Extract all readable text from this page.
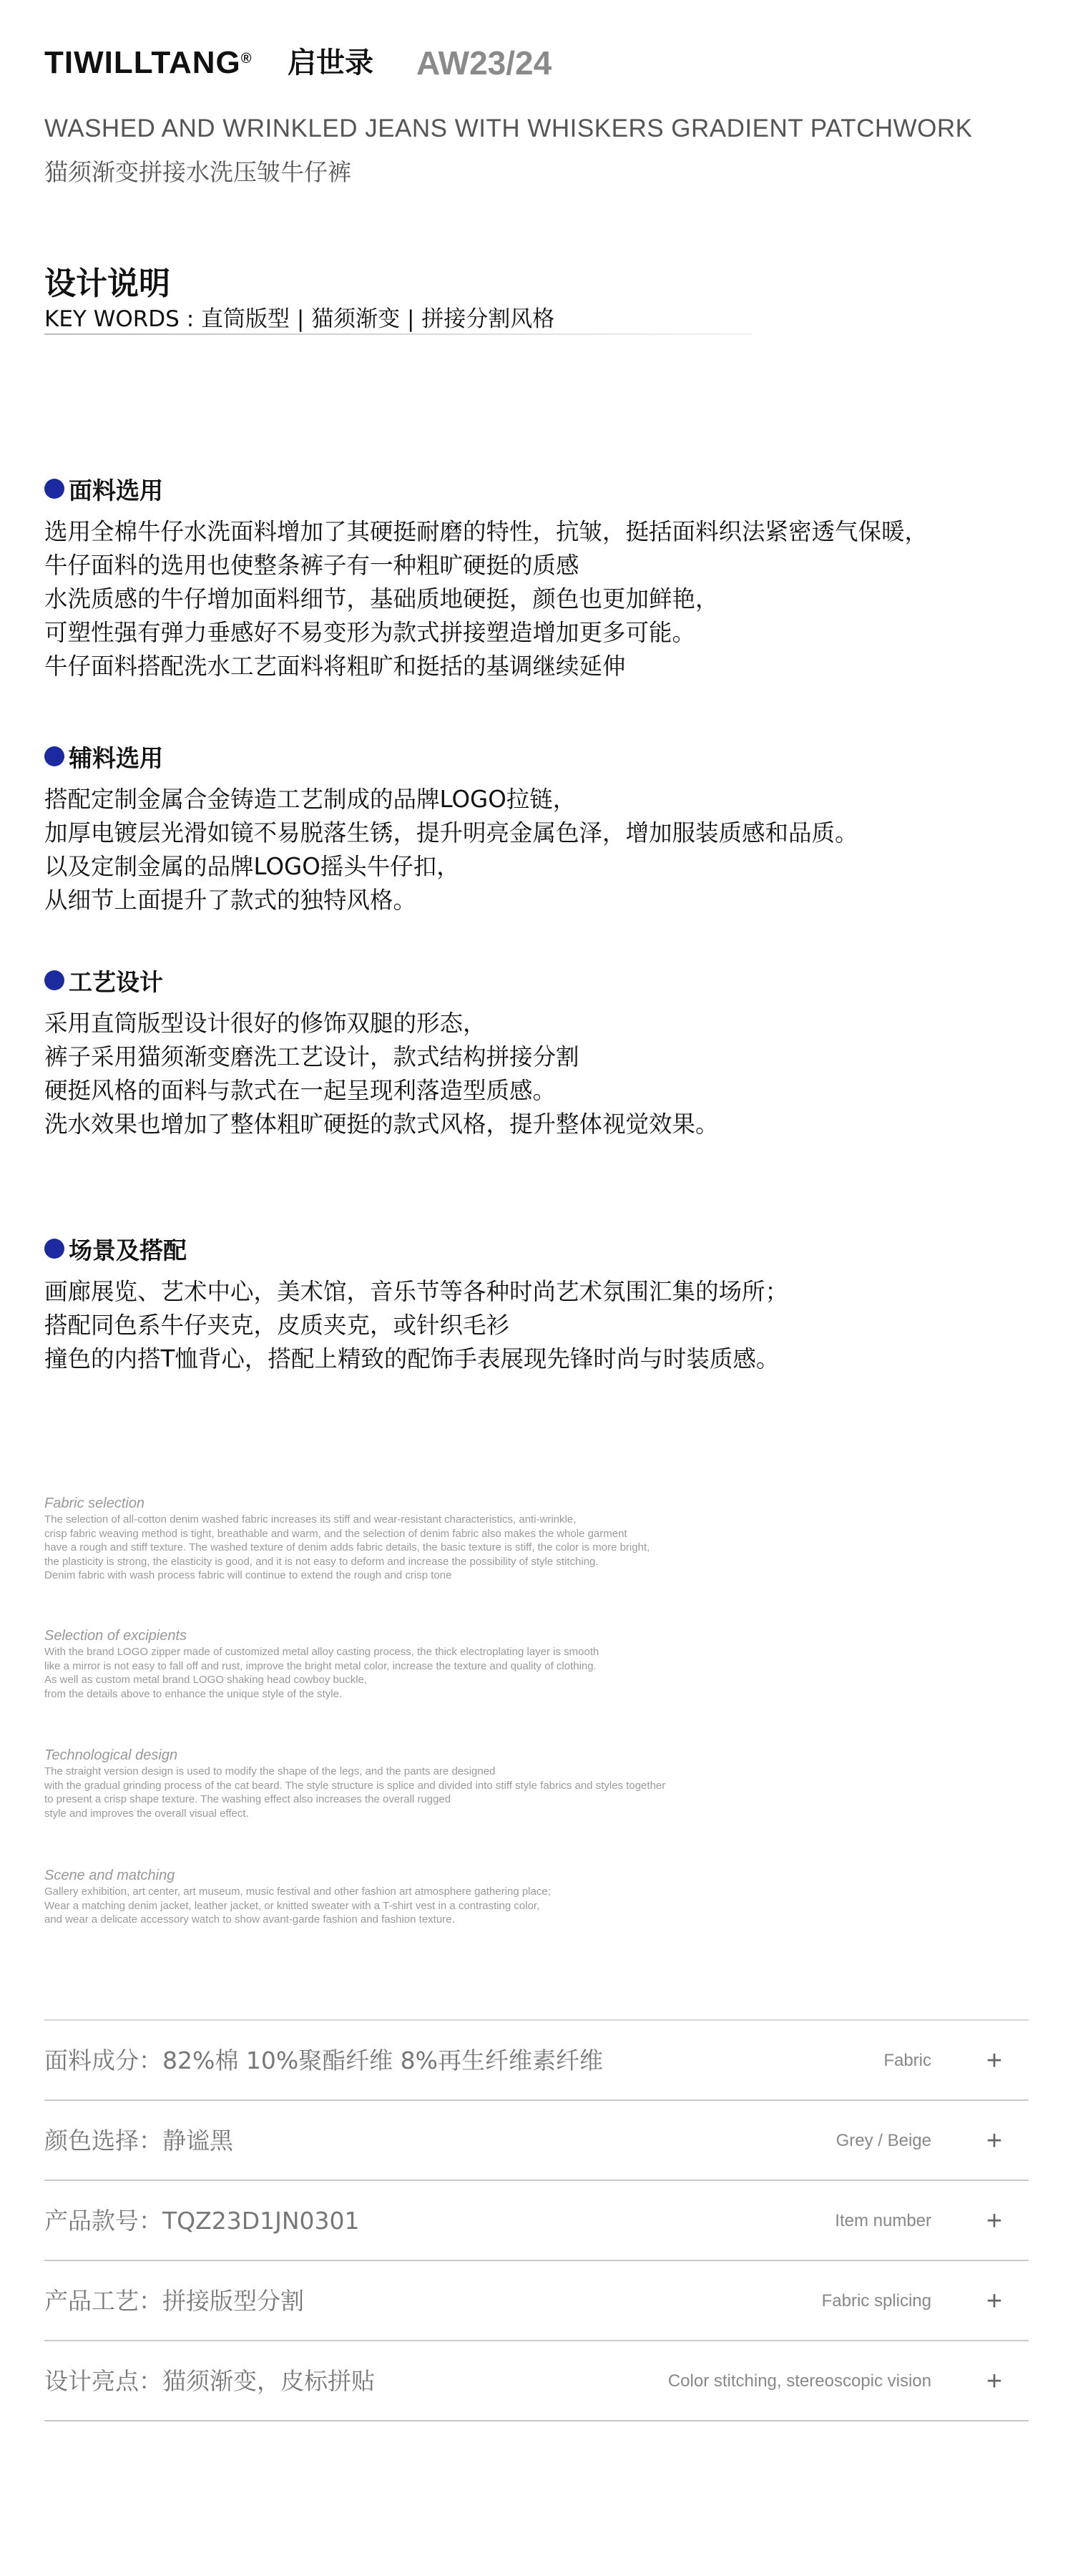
TIWILLTANG® 启世录 AW23/24
WASHED AND WRINKLED JEANS WITH WHISKERS GRADIENT PATCHWORK
猫须渐变拼接水洗压皱牛仔裤
设计说明
KEY WORDS : 直筒版型 | 猫须渐变 | 拼接分割风格
面料选用
选用全棉牛仔水洗面料增加了其硬挺耐磨的特性，抗皱，挺括面料织法紧密透气保暖，
牛仔面料的选用也使整条裤子有一种粗旷硬挺的质感
水洗质感的牛仔增加面料细节，基础质地硬挺，颜色也更加鲜艳，
可塑性强有弹力垂感好不易变形为款式拼接塑造增加更多可能。
牛仔面料搭配洗水工艺面料将粗旷和挺括的基调继续延伸
辅料选用
搭配定制金属合金铸造工艺制成的品牌LOGO拉链，
加厚电镀层光滑如镜不易脱落生锈，提升明亮金属色泽，增加服装质感和品质。
以及定制金属的品牌LOGO摇头牛仔扣，
从细节上面提升了款式的独特风格。
工艺设计
采用直筒版型设计很好的修饰双腿的形态，
裤子采用猫须渐变磨洗工艺设计，款式结构拼接分割
硬挺风格的面料与款式在一起呈现利落造型质感。
洗水效果也增加了整体粗旷硬挺的款式风格，提升整体视觉效果。
场景及搭配
画廊展览、艺术中心，美术馆，音乐节等各种时尚艺术氛围汇集的场所；
搭配同色系牛仔夹克，皮质夹克，或针织毛衫
撞色的内搭T恤背心，搭配上精致的配饰手表展现先锋时尚与时装质感。
Fabric selection
The selection of all-cotton denim washed fabric increases its stiff and wear-resistant characteristics, anti-wrinkle,
crisp fabric weaving method is tight, breathable and warm, and the selection of denim fabric also makes the whole garment
have a rough and stiff texture. The washed texture of denim adds fabric details, the basic texture is stiff, the color is more bright,
the plasticity is strong, the elasticity is good, and it is not easy to deform and increase the possibility of style stitching.
Denim fabric with wash process fabric will continue to extend the rough and crisp tone
Selection of excipients
With the brand LOGO zipper made of customized metal alloy casting process, the thick electroplating layer is smooth
like a mirror is not easy to fall off and rust, improve the bright metal color, increase the texture and quality of clothing.
As well as custom metal brand LOGO shaking head cowboy buckle,
from the details above to enhance the unique style of the style.
Technological design
The straight version design is used to modify the shape of the legs, and the pants are designed
with the gradual grinding process of the cat beard. The style structure is splice and divided into stiff style fabrics and styles together
to present a crisp shape texture. The washing effect also increases the overall rugged
style and improves the overall visual effect.
Scene and matching
Gallery exhibition, art center, art museum, music festival and other fashion art atmosphere gathering place;
Wear a matching denim jacket, leather jacket, or knitted sweater with a T-shirt vest in a contrasting color,
and wear a delicate accessory watch to show avant-garde fashion and fashion texture.
面料成分：82%棉 10%聚酯纤维 8%再生纤维素纤维	Fabric +
颜色选择：静谧黑	Grey / Beige +
产品款号：TQZ23D1JN0301	Item number +
产品工艺：拼接版型分割	Fabric splicing +
设计亮点：猫须渐变，皮标拼贴	Color stitching, stereoscopic vision +
